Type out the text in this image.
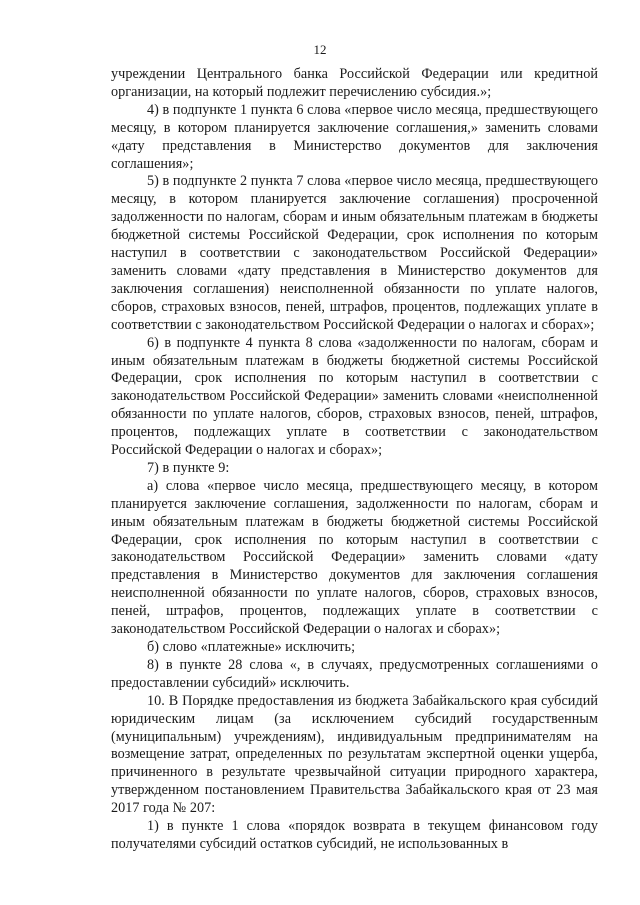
12

учреждении Центрального банка Российской Федерации или кредитной организации, на который подлежит перечислению субсидия.»;

4) в подпункте 1 пункта 6 слова «первое число месяца, предшествующего месяцу, в котором планируется заключение соглашения,» заменить словами «дату представления в Министерство документов для заключения соглашения»;

5) в подпункте 2 пункта 7 слова «первое число месяца, предшествующего месяцу, в котором планируется заключение соглашения) просроченной задолженности по налогам, сборам и иным обязательным платежам в бюджеты бюджетной системы Российской Федерации, срок исполнения по которым наступил в соответствии с законодательством Российской Федерации» заменить словами «дату представления в Министерство документов для заключения соглашения) неисполненной обязанности по уплате налогов, сборов, страховых взносов, пеней, штрафов, процентов, подлежащих уплате в соответствии с законодательством Российской Федерации о налогах и сборах»;

6) в подпункте 4 пункта 8 слова «задолженности по налогам, сборам и иным обязательным платежам в бюджеты бюджетной системы Российской Федерации, срок исполнения по которым наступил в соответствии с законодательством Российской Федерации» заменить словами «неисполненной обязанности по уплате налогов, сборов, страховых взносов, пеней, штрафов, процентов, подлежащих уплате в соответствии с законодательством Российской Федерации о налогах и сборах»;

7) в пункте 9:

а) слова «первое число месяца, предшествующего месяцу, в котором планируется заключение соглашения, задолженности по налогам, сборам и иным обязательным платежам в бюджеты бюджетной системы Российской Федерации, срок исполнения по которым наступил в соответствии с законодательством Российской Федерации» заменить словами «дату представления в Министерство документов для заключения соглашения неисполненной обязанности по уплате налогов, сборов, страховых взносов, пеней, штрафов, процентов, подлежащих уплате в соответствии с законодательством Российской Федерации о налогах и сборах»;

б) слово «платежные» исключить;

8) в пункте 28 слова «, в случаях, предусмотренных соглашениями о предоставлении субсидий» исключить.

10. В Порядке предоставления из бюджета Забайкальского края субсидий юридическим лицам (за исключением субсидий государственным (муниципальным) учреждениям), индивидуальным предпринимателям на возмещение затрат, определенных по результатам экспертной оценки ущерба, причиненного в результате чрезвычайной ситуации природного характера, утвержденном постановлением Правительства Забайкальского края от 23 мая 2017 года № 207:

1) в пункте 1 слова «порядок возврата в текущем финансовом году получателями субсидий остатков субсидий, не использованных в
